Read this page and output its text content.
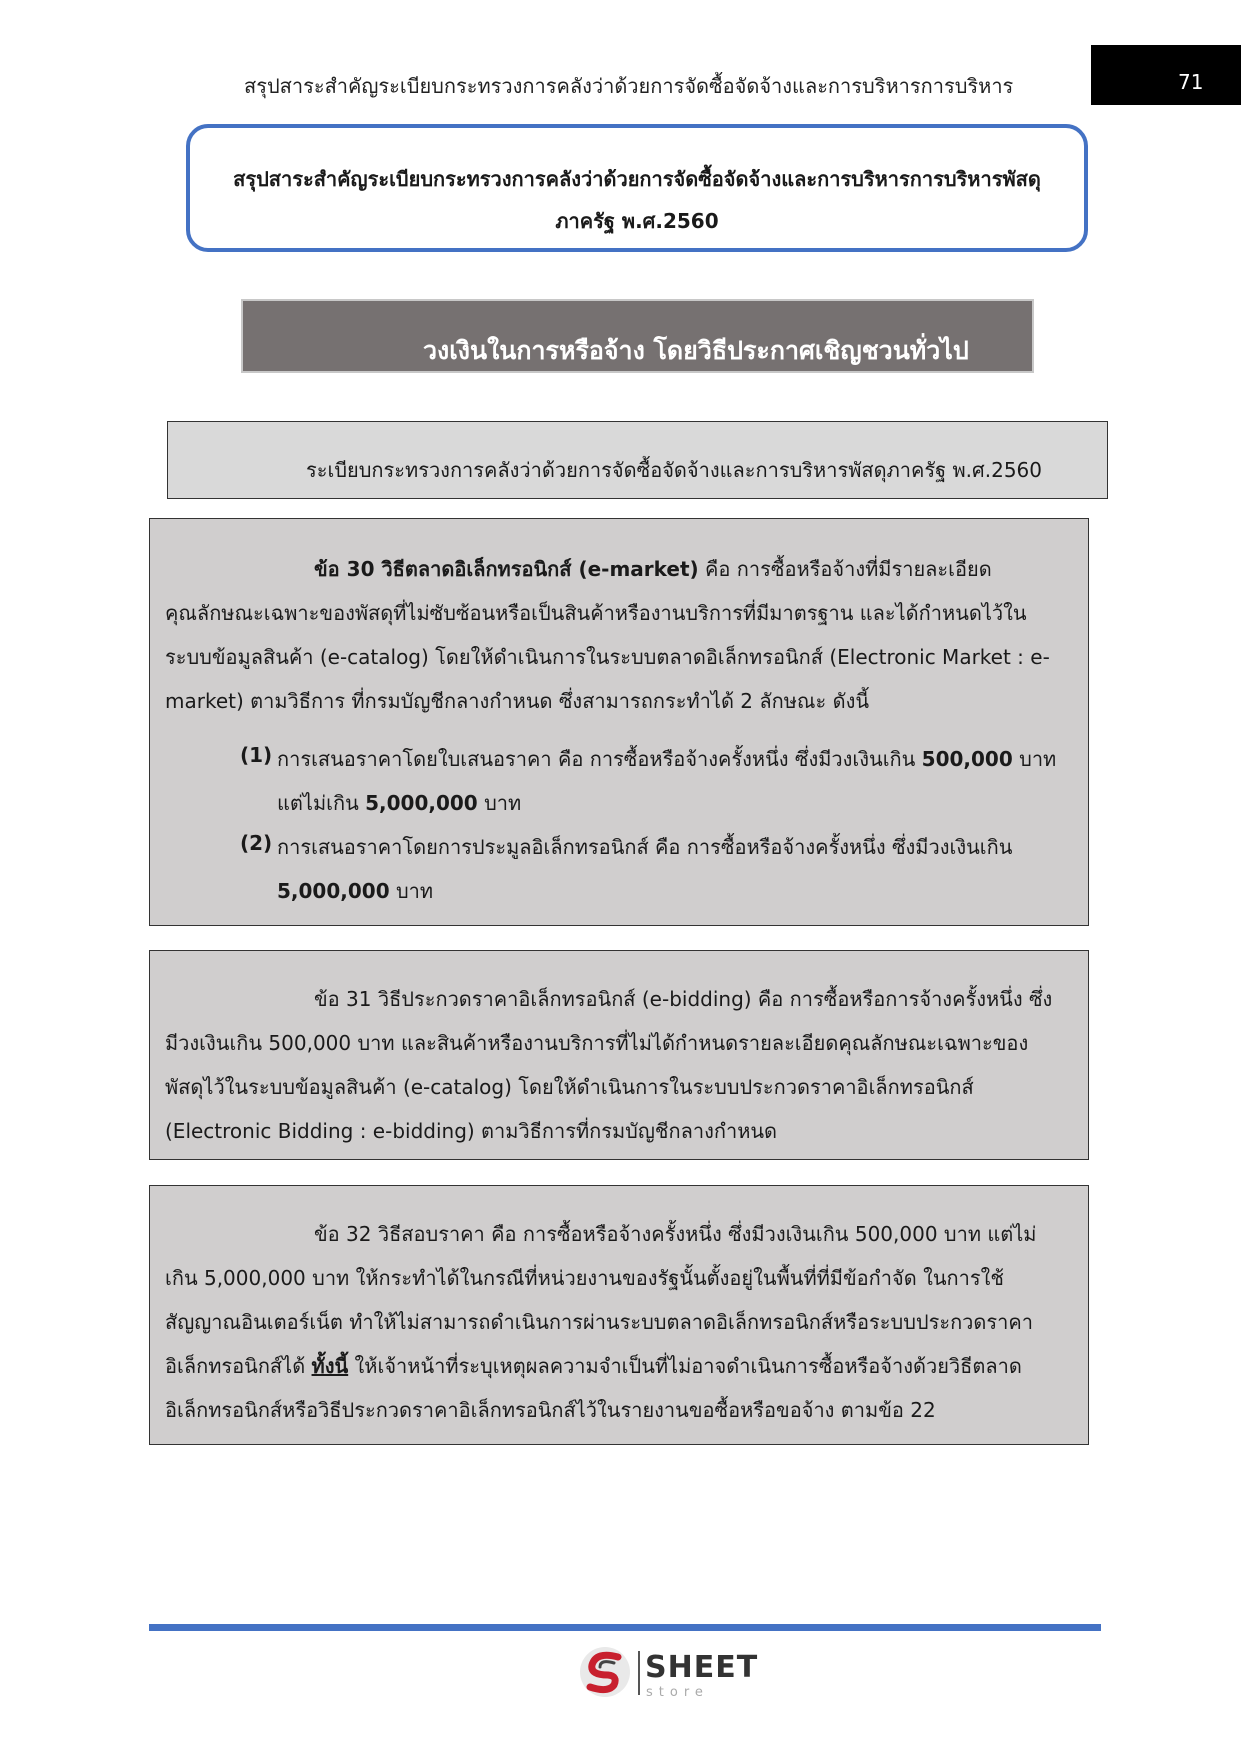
สรุปสาระสำคัญระเบียบกระทรวงการคลังว่าด้วยการจัดซื้อจัดจ้างและการบริหารการบริหาร	71
สรุปสาระสำคัญระเบียบกระทรวงการคลังว่าด้วยการจัดซื้อจัดจ้างและการบริหารการบริหารพัสดุ
ภาครัฐ พ.ศ.2560
วงเงินในการหรือจ้าง โดยวิธีประกาศเชิญชวนทั่วไป
ระเบียบกระทรวงการคลังว่าด้วยการจัดซื้อจัดจ้างและการบริหารพัสดุภาครัฐ พ.ศ.2560
ข้อ 30 วิธีตลาดอิเล็กทรอนิกส์ (e-market) คือ การซื้อหรือจ้างที่มีรายละเอียด
คุณลักษณะเฉพาะของพัสดุที่ไม่ซับซ้อนหรือเป็นสินค้าหรืองานบริการที่มีมาตรฐาน และได้กำหนดไว้ใน
ระบบข้อมูลสินค้า (e-catalog) โดยให้ดำเนินการในระบบตลาดอิเล็กทรอนิกส์ (Electronic Market : e-
market) ตามวิธีการ ที่กรมบัญชีกลางกำหนด ซึ่งสามารถกระทำได้ 2 ลักษณะ ดังนี้
(1) การเสนอราคาโดยใบเสนอราคา คือ การซื้อหรือจ้างครั้งหนึ่ง ซึ่งมีวงเงินเกิน 500,000 บาท
แต่ไม่เกิน 5,000,000 บาท
(2) การเสนอราคาโดยการประมูลอิเล็กทรอนิกส์ คือ การซื้อหรือจ้างครั้งหนึ่ง ซึ่งมีวงเงินเกิน
5,000,000 บาท
ข้อ 31 วิธีประกวดราคาอิเล็กทรอนิกส์ (e-bidding) คือ การซื้อหรือการจ้างครั้งหนึ่ง ซึ่ง
มีวงเงินเกิน 500,000 บาท และสินค้าหรืองานบริการที่ไม่ได้กำหนดรายละเอียดคุณลักษณะเฉพาะของ
พัสดุไว้ในระบบข้อมูลสินค้า (e-catalog) โดยให้ดำเนินการในระบบประกวดราคาอิเล็กทรอนิกส์
(Electronic Bidding : e-bidding) ตามวิธีการที่กรมบัญชีกลางกำหนด
ข้อ 32 วิธีสอบราคา คือ การซื้อหรือจ้างครั้งหนึ่ง ซึ่งมีวงเงินเกิน 500,000 บาท แต่ไม่
เกิน 5,000,000 บาท ให้กระทำได้ในกรณีที่หน่วยงานของรัฐนั้นตั้งอยู่ในพื้นที่ที่มีข้อกำจัด ในการใช้
สัญญาณอินเตอร์เน็ต ทำให้ไม่สามารถดำเนินการผ่านระบบตลาดอิเล็กทรอนิกส์หรือระบบประกวดราคา
อิเล็กทรอนิกส์ได้ ทั้งนี้ ให้เจ้าหน้าที่ระบุเหตุผลความจำเป็นที่ไม่อาจดำเนินการซื้อหรือจ้างด้วยวิธีตลาด
อิเล็กทรอนิกส์หรือวิธีประกวดราคาอิเล็กทรอนิกส์ไว้ในรายงานขอซื้อหรือขอจ้าง ตามข้อ 22
SHEET
store
